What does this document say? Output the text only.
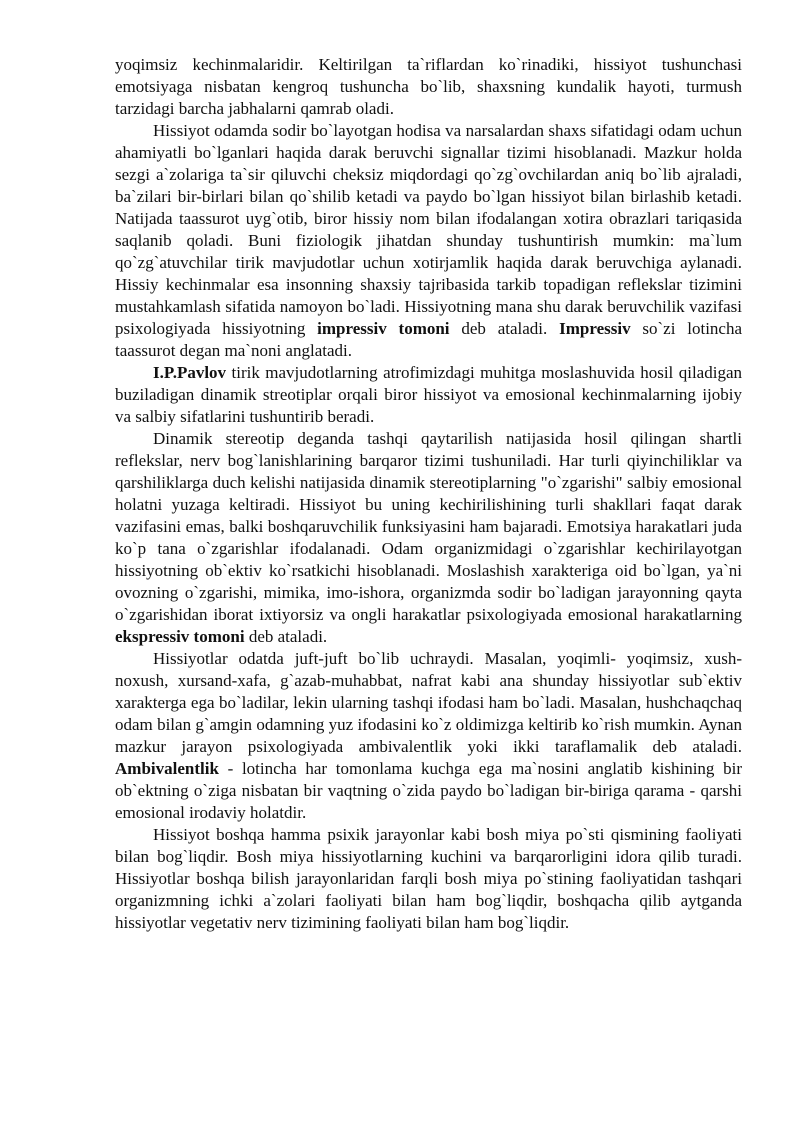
yoqimsiz kechinmalaridir. Keltirilgan ta`riflardan ko`rinadiki, hissiyot tushunchasi emotsiyaga nisbatan kengroq tushuncha bo`lib, shaxsning kundalik hayoti, turmush tarzidagi barcha jabhalarni qamrab oladi.

Hissiyot odamda sodir bo`layotgan hodisa va narsalardan shaxs sifatidagi odam uchun ahamiyatli bo`lganlari haqida darak beruvchi signallar tizimi hisoblanadi. Mazkur holda sezgi a`zolariga ta`sir qiluvchi cheksiz miqdordagi qo`zg`ovchilardan aniq bo`lib ajraladi, ba`zilari bir-birlari bilan qo`shilib ketadi va paydo bo`lgan hissiyot bilan birlashib ketadi. Natijada taassurot uyg`otib, biror hissiy nom bilan ifodalangan xotira obrazlari tariqasida saqlanib qoladi. Buni fiziologik jihatdan shunday tushuntirish mumkin: ma`lum qo`zg`atuvchilar tirik mavjudotlar uchun xotirjamlik haqida darak beruvchiga aylanadi. Hissiy kechinmalar esa insonning shaxsiy tajribasida tarkib topadigan reflekslar tizimini mustahkamlash sifatida namoyon bo`ladi. Hissiyotning mana shu darak beruvchilik vazifasi psixologiyada hissiyotning impressiv tomoni deb ataladi. Impressiv so`zi lotincha taassurot degan ma`noni anglatadi.

I.P.Pavlov tirik mavjudotlarning atrofimizdagi muhitga moslashuvida hosil qiladigan buziladigan dinamik streotiplar orqali biror hissiyot va emosional kechinmalarning ijobiy va salbiy sifatlarini tushuntirib beradi.

Dinamik stereotip deganda tashqi qaytarilish natijasida hosil qilingan shartli reflekslar, nerv bog`lanishlarining barqaror tizimi tushuniladi. Har turli qiyinchiliklar va qarshiliklarga duch kelishi natijasida dinamik stereotiplarning "o`zgarishi" salbiy emosional holatni yuzaga keltiradi. Hissiyot bu uning kechirilishining turli shakllari faqat darak vazifasini emas, balki boshqaruvchilik funksiyasini ham bajaradi. Emotsiya harakatlari juda ko`p tana o`zgarishlar ifodalanadi. Odam organizmidagi o`zgarishlar kechirilayotgan hissiyotning ob`ektiv ko`rsatkichi hisoblanadi. Moslashish xarakteriga oid bo`lgan, ya`ni ovozning o`zgarishi, mimika, imo-ishora, organizmda sodir bo`ladigan jarayonning qayta o`zgarishidan iborat ixtiyorsiz va ongli harakatlar psixologiyada emosional harakatlarning ekspressiv tomoni deb ataladi.

Hissiyotlar odatda juft-juft bo`lib uchraydi. Masalan, yoqimli- yoqimsiz, xush-noxush, xursand-xafa, g`azab-muhabbat, nafrat kabi ana shunday hissiyotlar sub`ektiv xarakterga ega bo`ladilar, lekin ularning tashqi ifodasi ham bo`ladi. Masalan, hushchaqchaq odam bilan g`amgin odamning yuz ifodasini ko`z oldimizga keltirib ko`rish mumkin. Aynan mazkur jarayon psixologiyada ambivalentlik yoki ikki taraflamalik deb ataladi. Ambivalentlik - lotincha har tomonlama kuchga ega ma`nosini anglatib kishining bir ob`ektning o`ziga nisbatan bir vaqtning o`zida paydo bo`ladigan bir-biriga qarama - qarshi emosional irodaviy holatdir.

Hissiyot boshqa hamma psixik jarayonlar kabi bosh miya po`sti qismining faoliyati bilan bog`liqdir. Bosh miya hissiyotlarning kuchini va barqarorligini idora qilib turadi. Hissiyotlar boshqa bilish jarayonlaridan farqli bosh miya po`stining faoliyatidan tashqari organizmning ichki a`zolari faoliyati bilan ham bog`liqdir, boshqacha qilib aytganda hissiyotlar vegetativ nerv tizimining faoliyati bilan ham bog`liqdir.
